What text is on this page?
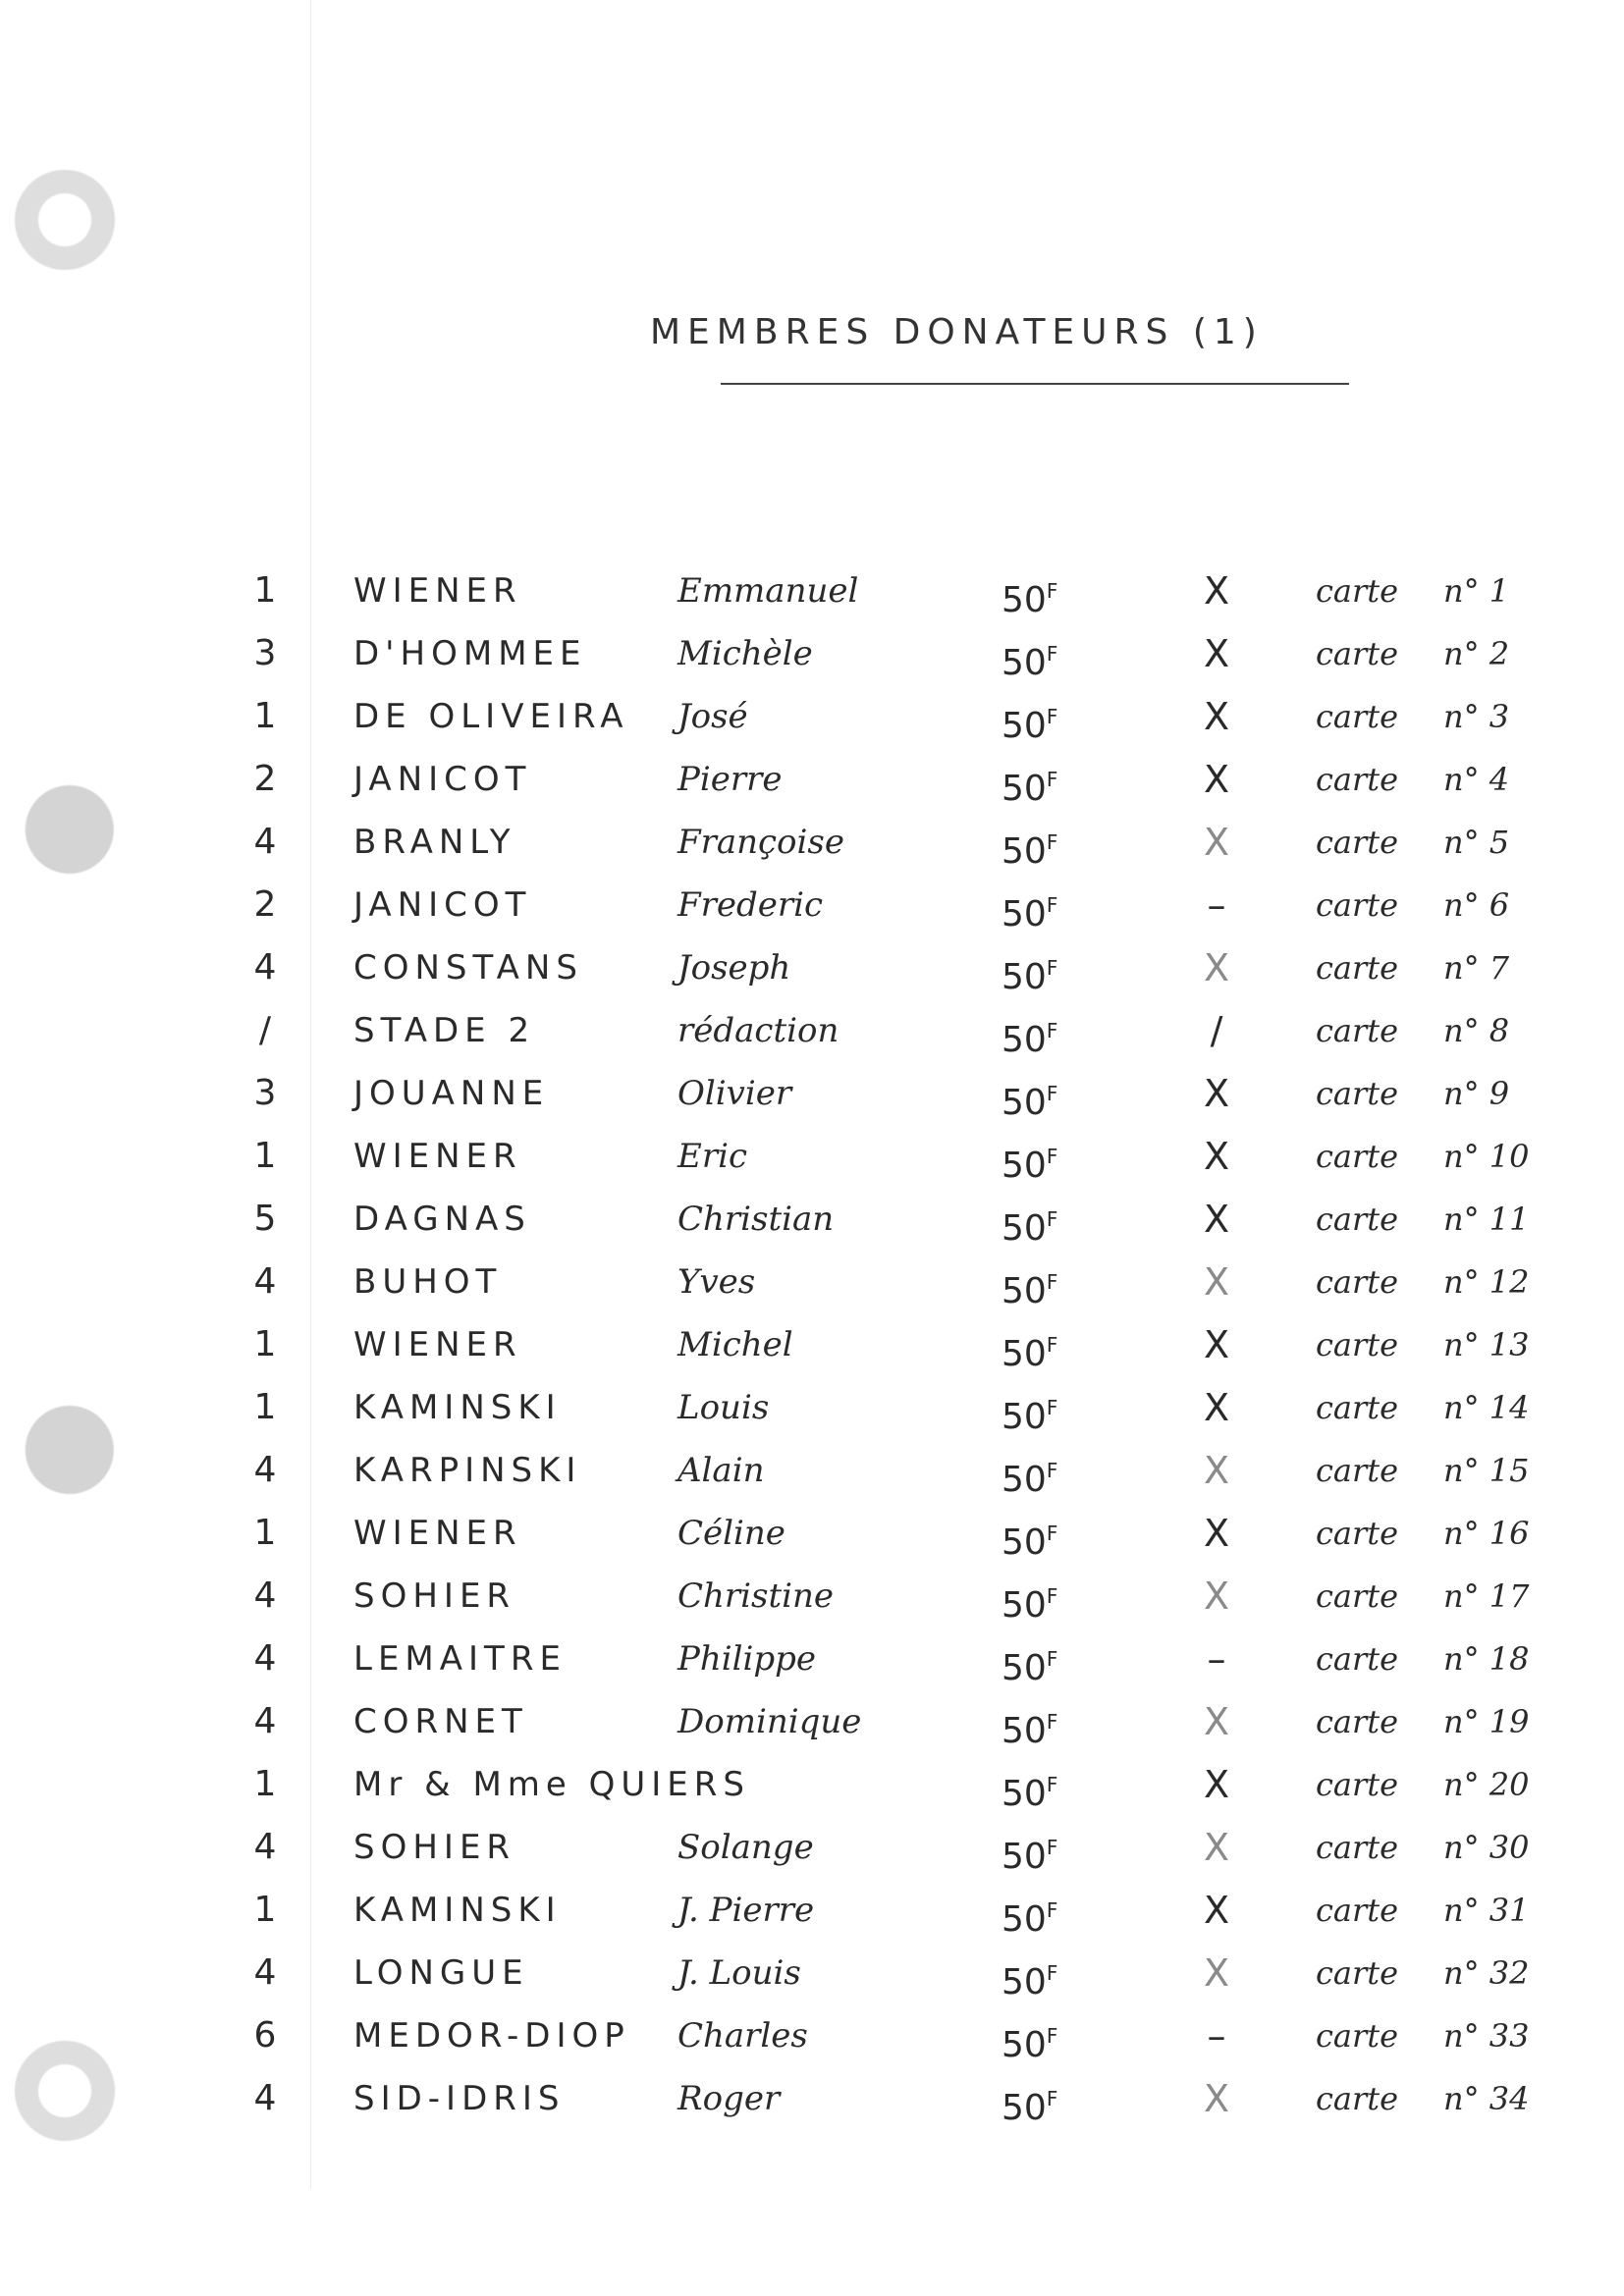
MEMBRES DONATEURS (1)
1 WIENER	Emmanuel	$50^F$	X	carte n° 1
3 D'HOMMEE	Michèle	$50^F$	X	carte n° 2
1 DE OLIVEIRA José	$50^F$	X	carte n° 3
2 JANICOT	Pierre	$50^F$	X	carte n° 4
4 BRANLY	Françoise	$50^F$	X	carte n° 5
2 JANICOT	Frederic	$50^F$	–	carte n° 6
4 CONSTANS	Joseph	$50^F$	X	carte n° 7
/	STADE 2	rédaction	$50^F$	/	carte n° 8
3 JOUANNE	Olivier	$50^F$	X	carte n° 9
1 WIENER	Eric	$50^F$	X	carte n° 10
5 DAGNAS	Christian	$50^F$	X	carte n° 11
4 BUHOT	Yves	$50^F$	X	carte n° 12
1 WIENER	Michel	$50^F$	X	carte n° 13
1 KAMINSKI	Louis	$50^F$	X	carte n° 14
4 KARPINSKI	Alain	$50^F$	X	carte n° 15
1 WIENER	Céline	$50^F$	X	carte n° 16
4 SOHIER	Christine	$50^F$	X	carte n° 17
4 LEMAITRE	Philippe	$50^F$	–	carte n° 18
4 CORNET	Dominique	$50^F$	X	carte n° 19
1 Mr & Mme QUIERS	$50^F$	X	carte n° 20
4 SOHIER	Solange	$50^F$	X	carte n° 30
1 KAMINSKI	J. Pierre	$50^F$	X	carte n° 31
4 LONGUE	J. Louis	$50^F$	X	carte n° 32
6 MEDOR-DIOP Charles	$50^F$	–	carte n° 33
4 SID-IDRIS	Roger	$50^F$	X	carte n° 34
